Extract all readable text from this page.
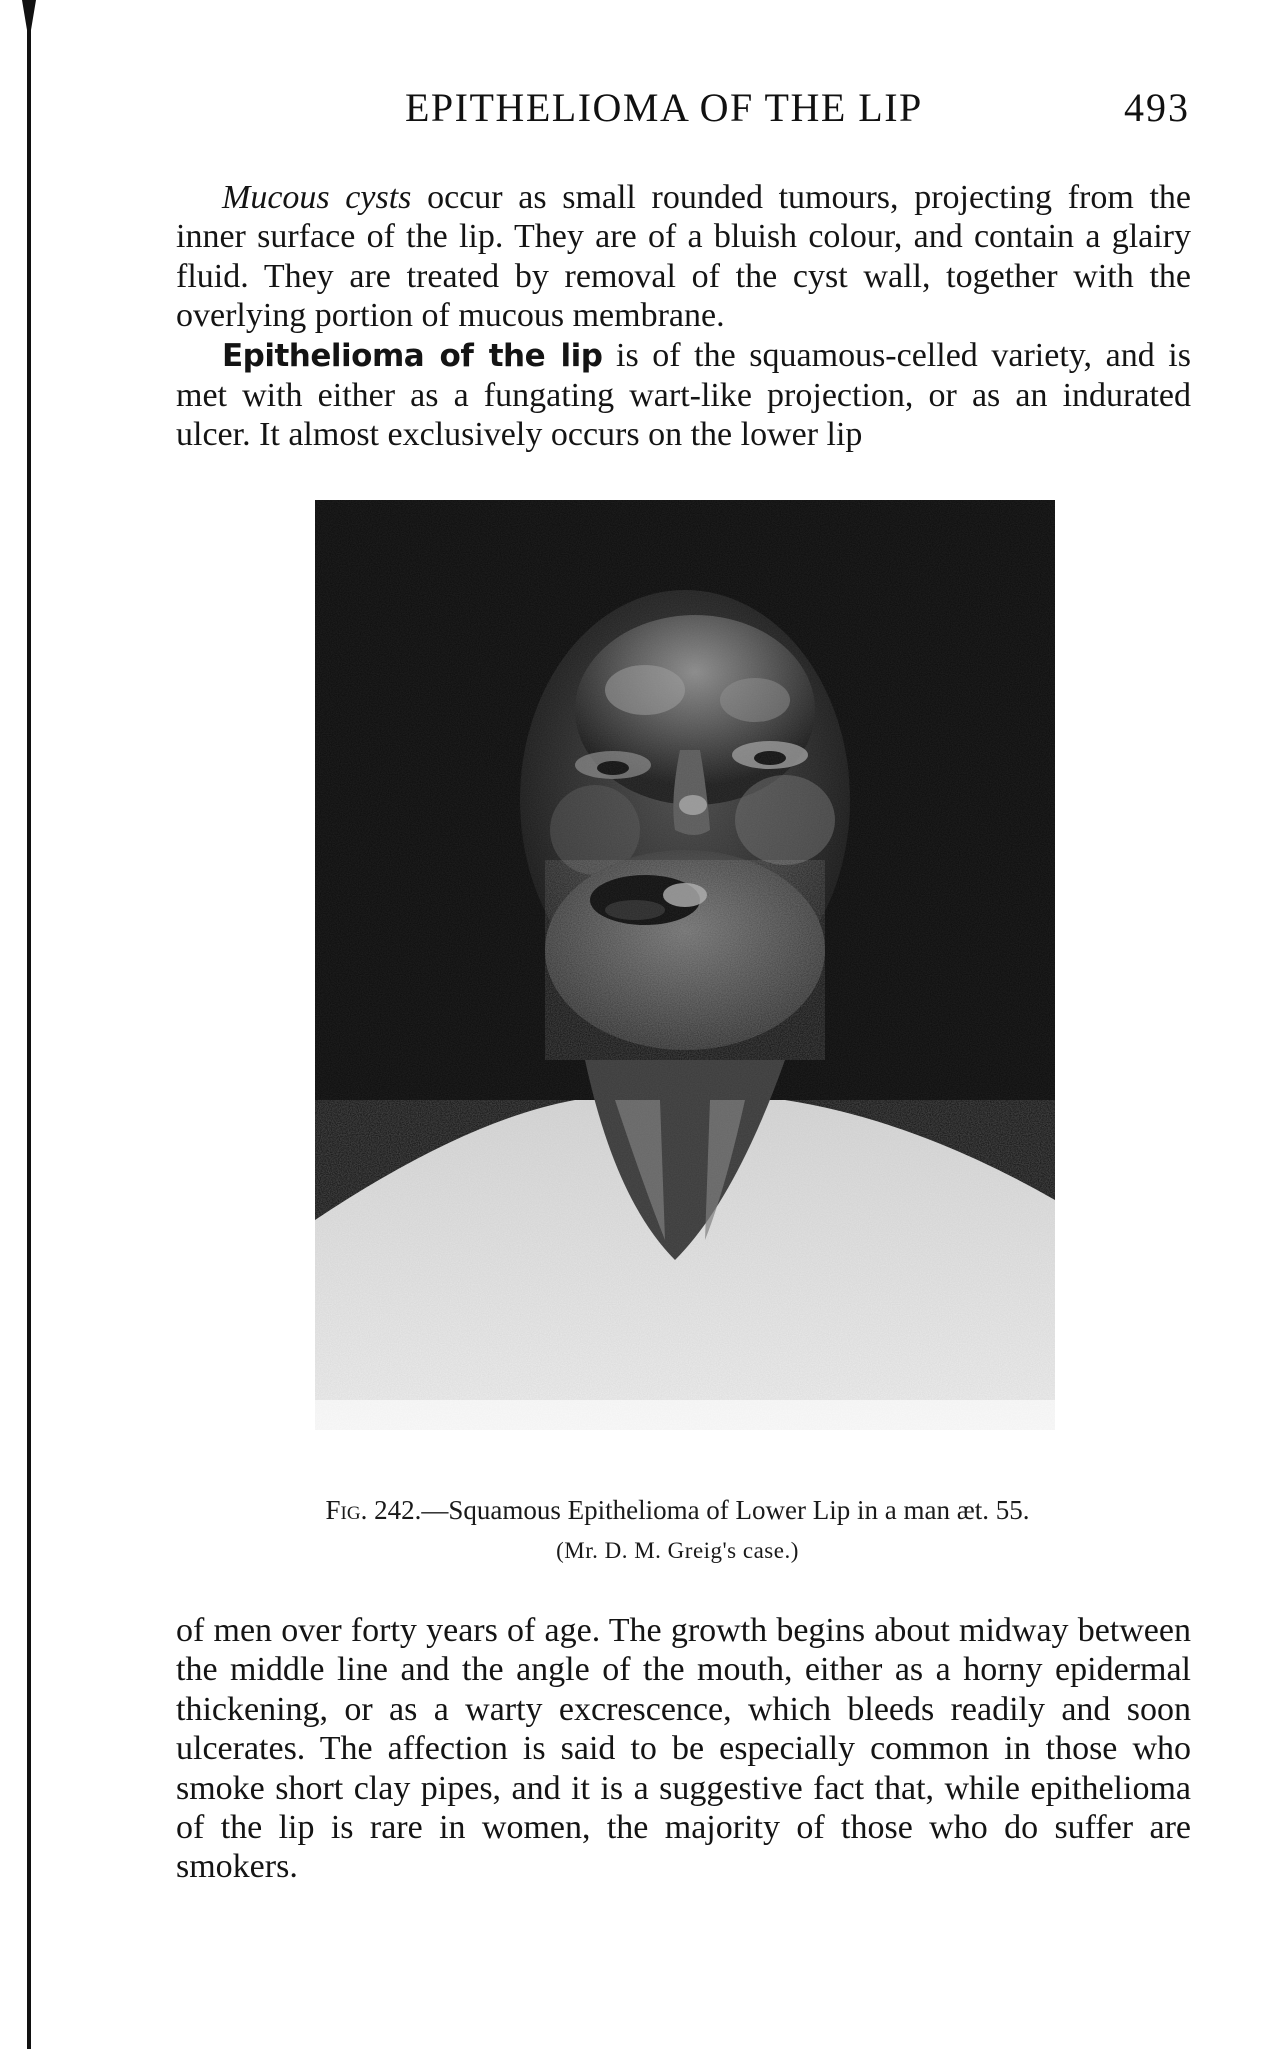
EPITHELIOMA OF THE LIP	493

Mucous cysts occur as small rounded tumours, projecting from the inner surface of the lip. They are of a bluish colour, and contain a glairy fluid. They are treated by removal of the cyst wall, together with the overlying portion of mucous membrane.

Epithelioma of the lip is of the squamous-celled variety, and is met with either as a fungating wart-like projection, or as an indurated ulcer. It almost exclusively occurs on the lower lip

Fig. 242.—Squamous Epithelioma of Lower Lip in a man æt. 55.
(Mr. D. M. Greig's case.)

of men over forty years of age. The growth begins about midway between the middle line and the angle of the mouth, either as a horny epidermal thickening, or as a warty excrescence, which bleeds readily and soon ulcerates. The affection is said to be especially common in those who smoke short clay pipes, and it is a suggestive fact that, while epithelioma of the lip is rare in women, the majority of those who do suffer are smokers.
